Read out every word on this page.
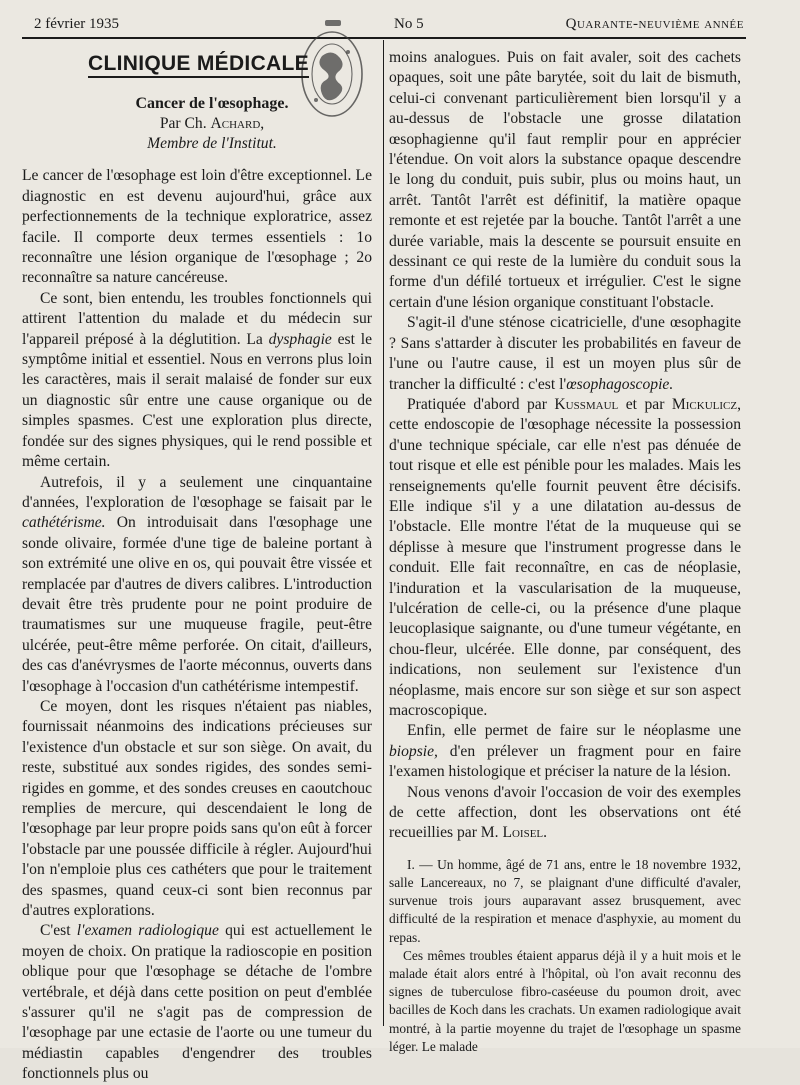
2 février 1935	No 5	Quarante-neuvième année
CLINIQUE MÉDICALE
Cancer de l'œsophage.
Par Ch. Achard,
Membre de l'Institut.

Le cancer de l'œsophage est loin d'être exceptionnel. Le diagnostic en est devenu aujourd'hui, grâce aux perfectionnements de la technique exploratrice, assez facile. Il comporte deux termes essentiels : 1o reconnaître une lésion organique de l'œsophage ; 2o reconnaître sa nature cancéreuse.

Ce sont, bien entendu, les troubles fonctionnels qui attirent l'attention du malade et du médecin sur l'appareil préposé à la déglutition. La dysphagie est le symptôme initial et essentiel. Nous en verrons plus loin les caractères, mais il serait malaisé de fonder sur eux un diagnostic sûr entre une cause organique ou de simples spasmes. C'est une exploration plus directe, fondée sur des signes physiques, qui le rend possible et même certain.

Autrefois, il y a seulement une cinquantaine d'années, l'exploration de l'œsophage se faisait par le cathétérisme. On introduisait dans l'œsophage une sonde olivaire, formée d'une tige de baleine portant à son extrémité une olive en os, qui pouvait être vissée et remplacée par d'autres de divers calibres. L'introduction devait être très prudente pour ne point produire de traumatismes sur une muqueuse fragile, peut-être ulcérée, peut-être même perforée. On citait, d'ailleurs, des cas d'anévrysmes de l'aorte méconnus, ouverts dans l'œsophage à l'occasion d'un cathétérisme intempestif.

Ce moyen, dont les risques n'étaient pas niables, fournissait néanmoins des indications précieuses sur l'existence d'un obstacle et sur son siège. On avait, du reste, substitué aux sondes rigides, des sondes semi-rigides en gomme, et des sondes creuses en caoutchouc remplies de mercure, qui descendaient le long de l'œsophage par leur propre poids sans qu'on eût à forcer l'obstacle par une poussée difficile à régler. Aujourd'hui l'on n'emploie plus ces cathéters que pour le traitement des spasmes, quand ceux-ci sont bien reconnus par d'autres explorations.

C'est l'examen radiologique qui est actuellement le moyen de choix. On pratique la radioscopie en position oblique pour que l'œsophage se détache de l'ombre vertébrale, et déjà dans cette position on peut d'emblée s'assurer qu'il ne s'agit pas de compression de l'œsophage par une ectasie de l'aorte ou une tumeur du médiastin capables d'engendrer des troubles fonctionnels plus ou

moins analogues. Puis on fait avaler, soit des cachets opaques, soit une pâte barytée, soit du lait de bismuth, celui-ci convenant particulièrement bien lorsqu'il y a au-dessus de l'obstacle une grosse dilatation œsophagienne qu'il faut remplir pour en apprécier l'étendue. On voit alors la substance opaque descendre le long du conduit, puis subir, plus ou moins haut, un arrêt. Tantôt l'arrêt est définitif, la matière opaque remonte et est rejetée par la bouche. Tantôt l'arrêt a une durée variable, mais la descente se poursuit ensuite en dessinant ce qui reste de la lumière du conduit sous la forme d'un défilé tortueux et irrégulier. C'est le signe certain d'une lésion organique constituant l'obstacle.

S'agit-il d'une sténose cicatricielle, d'une œsophagite ? Sans s'attarder à discuter les probabilités en faveur de l'une ou l'autre cause, il est un moyen plus sûr de trancher la difficulté : c'est l'œsophagoscopie.

Pratiquée d'abord par Kussmaul et par Mickulicz, cette endoscopie de l'œsophage nécessite la possession d'une technique spéciale, car elle n'est pas dénuée de tout risque et elle est pénible pour les malades. Mais les renseignements qu'elle fournit peuvent être décisifs. Elle indique s'il y a une dilatation au-dessus de l'obstacle. Elle montre l'état de la muqueuse qui se déplisse à mesure que l'instrument progresse dans le conduit. Elle fait reconnaître, en cas de néoplasie, l'induration et la vascularisation de la muqueuse, l'ulcération de celle-ci, ou la présence d'une plaque leucoplasique saignante, ou d'une tumeur végétante, en chou-fleur, ulcérée. Elle donne, par conséquent, des indications, non seulement sur l'existence d'un néoplasme, mais encore sur son siège et sur son aspect macroscopique.

Enfin, elle permet de faire sur le néoplasme une biopsie, d'en prélever un fragment pour en faire l'examen histologique et préciser la nature de la lésion.

Nous venons d'avoir l'occasion de voir des exemples de cette affection, dont les observations ont été recueillies par M. Loisel.

I. — Un homme, âgé de 71 ans, entre le 18 novembre 1932, salle Lancereaux, no 7, se plaignant d'une difficulté d'avaler, survenue trois jours auparavant assez brusquement, avec difficulté de la respiration et menace d'asphyxie, au moment du repas.

Ces mêmes troubles étaient apparus déjà il y a huit mois et le malade était alors entré à l'hôpital, où l'on avait reconnu des signes de tuberculose fibro-caséeuse du poumon droit, avec bacilles de Koch dans les crachats. Un examen radiologique avait montré, à la partie moyenne du trajet de l'œsophage un spasme léger. Le malade
